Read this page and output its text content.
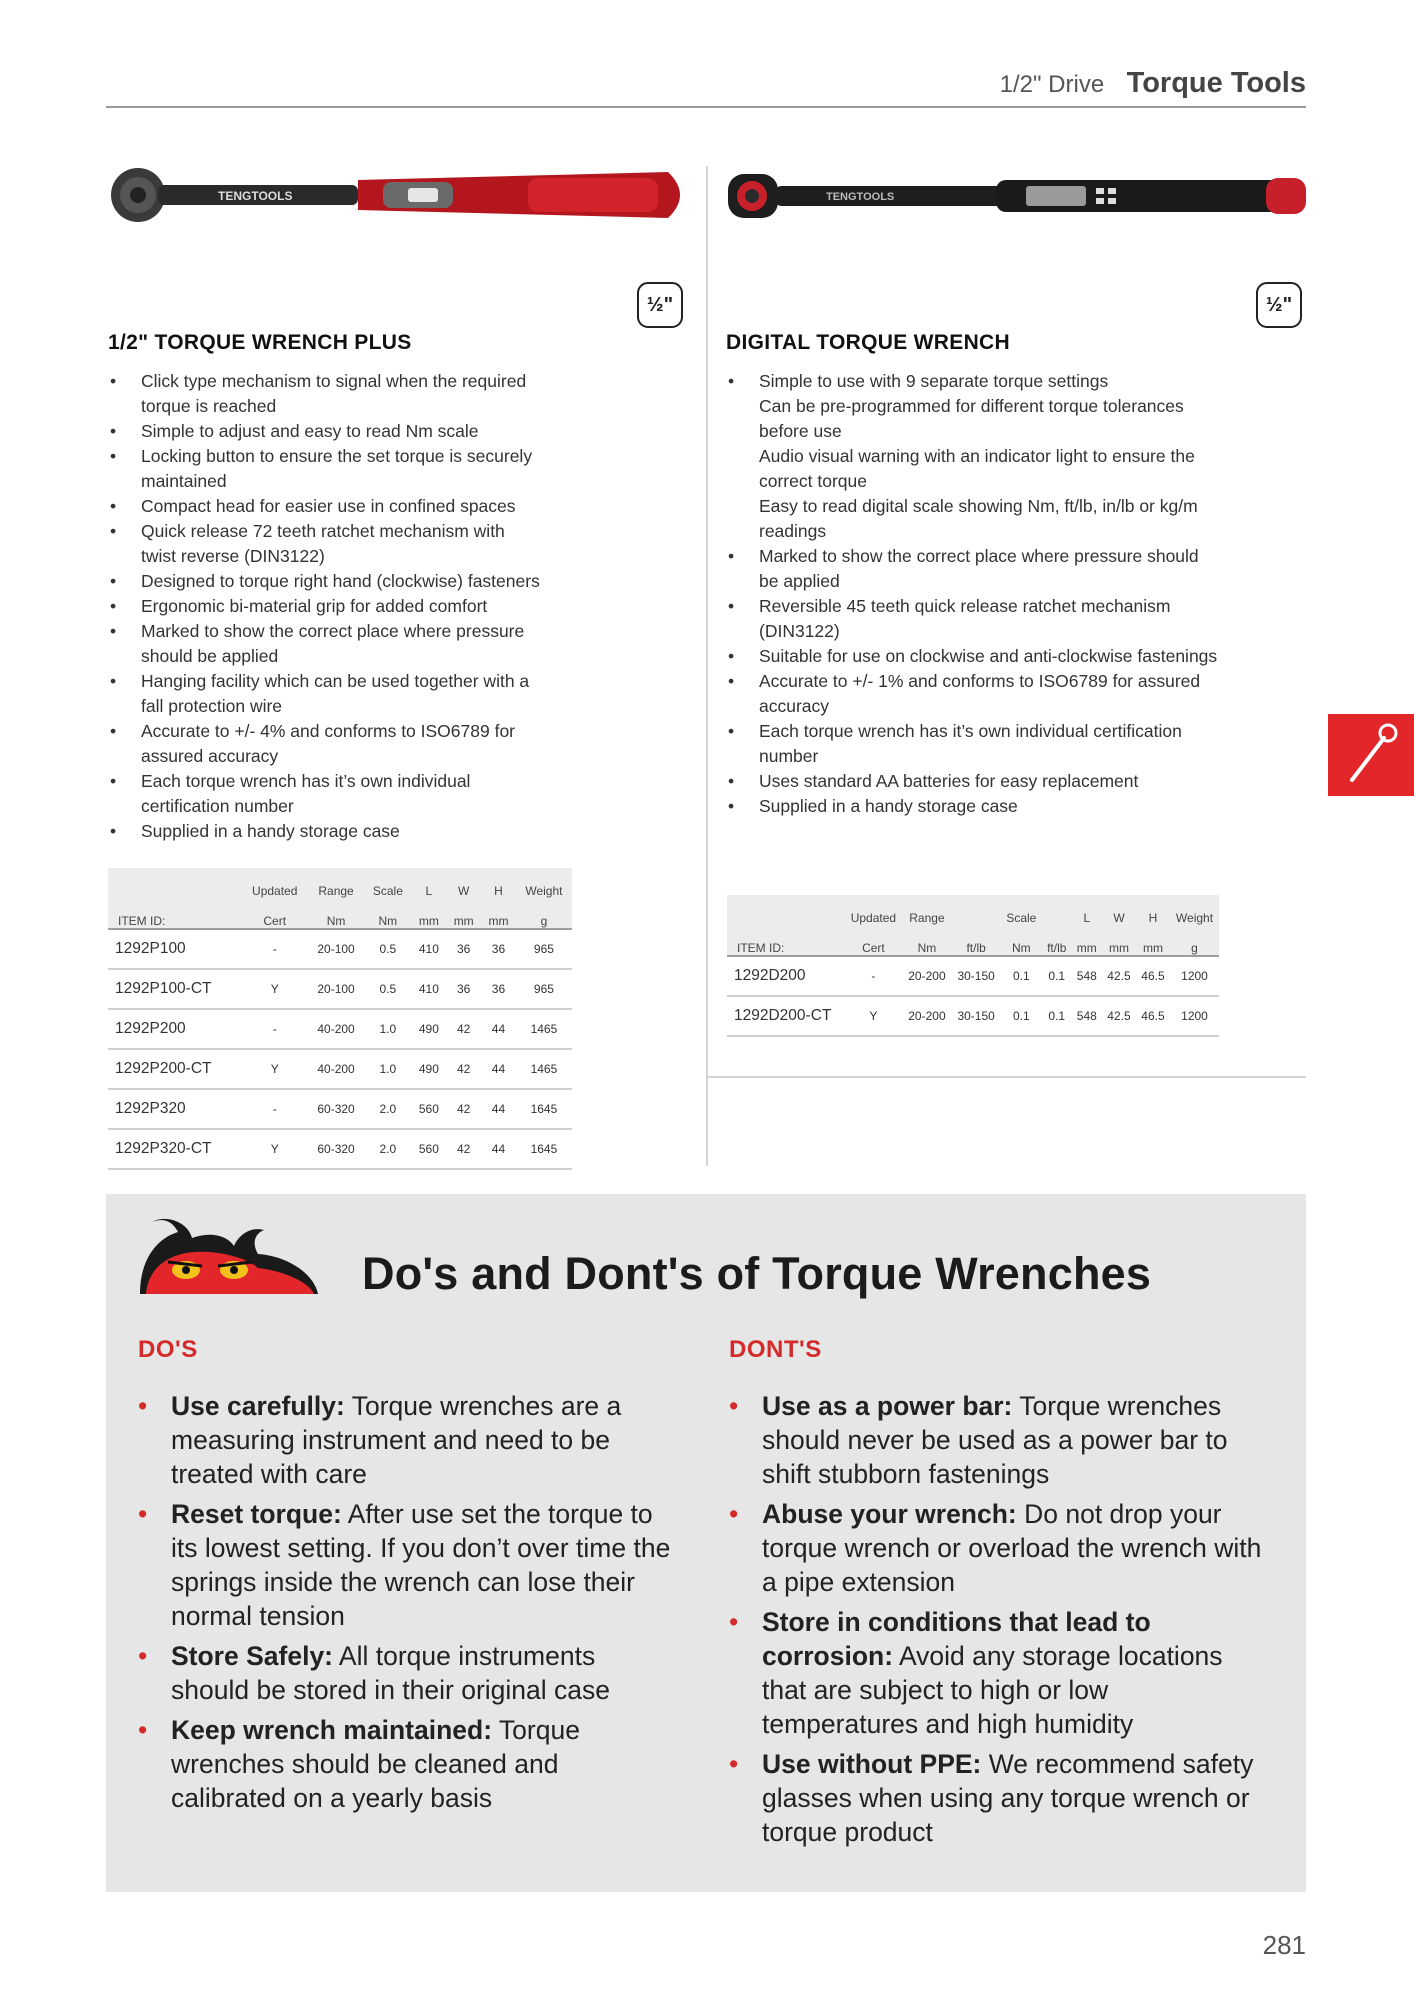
1/2" Drive Torque Tools
TENGTOOLS	TENGTOOLS
½"	½"
1/2" TORQUE WRENCH PLUS	DIGITAL TORQUE WRENCH
• Click type mechanism to signal when the required
torque is reached
• Simple to adjust and easy to read Nm scale
• Locking button to ensure the set torque is securely
maintained
• Compact head for easier use in confined spaces
• Quick release 72 teeth ratchet mechanism with
twist reverse (DIN3122)
• Designed to torque right hand (clockwise) fasteners
• Ergonomic bi-material grip for added comfort
• Marked to show the correct place where pressure
should be applied
• Hanging facility which can be used together with a
fall protection wire
• Accurate to +/- 4% and conforms to ISO6789 for
assured accuracy
• Each torque wrench has it’s own individual
certification number
• Supplied in a handy storage case
• Simple to use with 9 separate torque settings
Can be pre-programmed for different torque tolerances
before use
Audio visual warning with an indicator light to ensure the
correct torque
Easy to read digital scale showing Nm, ft/lb, in/lb or kg/m
readings
• Marked to show the correct place where pressure should
be applied
• Reversible 45 teeth quick release ratchet mechanism
(DIN3122)
• Suitable for use on clockwise and anti-clockwise fastenings
• Accurate to +/- 1% and conforms to ISO6789 for assured
accuracy
• Each torque wrench has it’s own individual certification
number
• Uses standard AA batteries for easy replacement
• Supplied in a handy storage case
	Updated	Range	Scale	L	W	H	Weight
ITEM ID:	Cert	Nm	Nm	mm	mm	mm	g
1292P100	-	20-100	0.5	410	36	36	965
1292P100-CT	Y	20-100	0.5	410	36	36	965
1292P200	-	40-200	1.0	490	42	44	1465
1292P200-CT	Y	40-200	1.0	490	42	44	1465
1292P320	-	60-320	2.0	560	42	44	1645
1292P320-CT	Y	60-320	2.0	560	42	44	1645
	Updated	Range		Scale		L	W	H	Weight
ITEM ID:	Cert	Nm	ft/lb	Nm	ft/lb	mm	mm	mm	g
1292D200	-	20-200	30-150	0.1	0.1	548	42.5	46.5	1200
1292D200-CT	Y	20-200	30-150	0.1	0.1	548	42.5	46.5	1200
Do's and Dont's of Torque Wrenches
DO'S	DONT'S
• Use carefully: Torque wrenches are a measuring instrument and need to be treated with care
• Reset torque: After use set the torque to its lowest setting. If you don’t over time the springs inside the wrench can lose their normal tension
• Store Safely: All torque instruments should be stored in their original case
• Keep wrench maintained: Torque wrenches should be cleaned and calibrated on a yearly basis
• Use as a power bar: Torque wrenches should never be used as a power bar to shift stubborn fastenings
• Abuse your wrench: Do not drop your torque wrench or overload the wrench with a pipe extension
• Store in conditions that lead to corrosion: Avoid any storage locations that are subject to high or low temperatures and high humidity
• Use without PPE: We recommend safety glasses when using any torque wrench or torque product
281
